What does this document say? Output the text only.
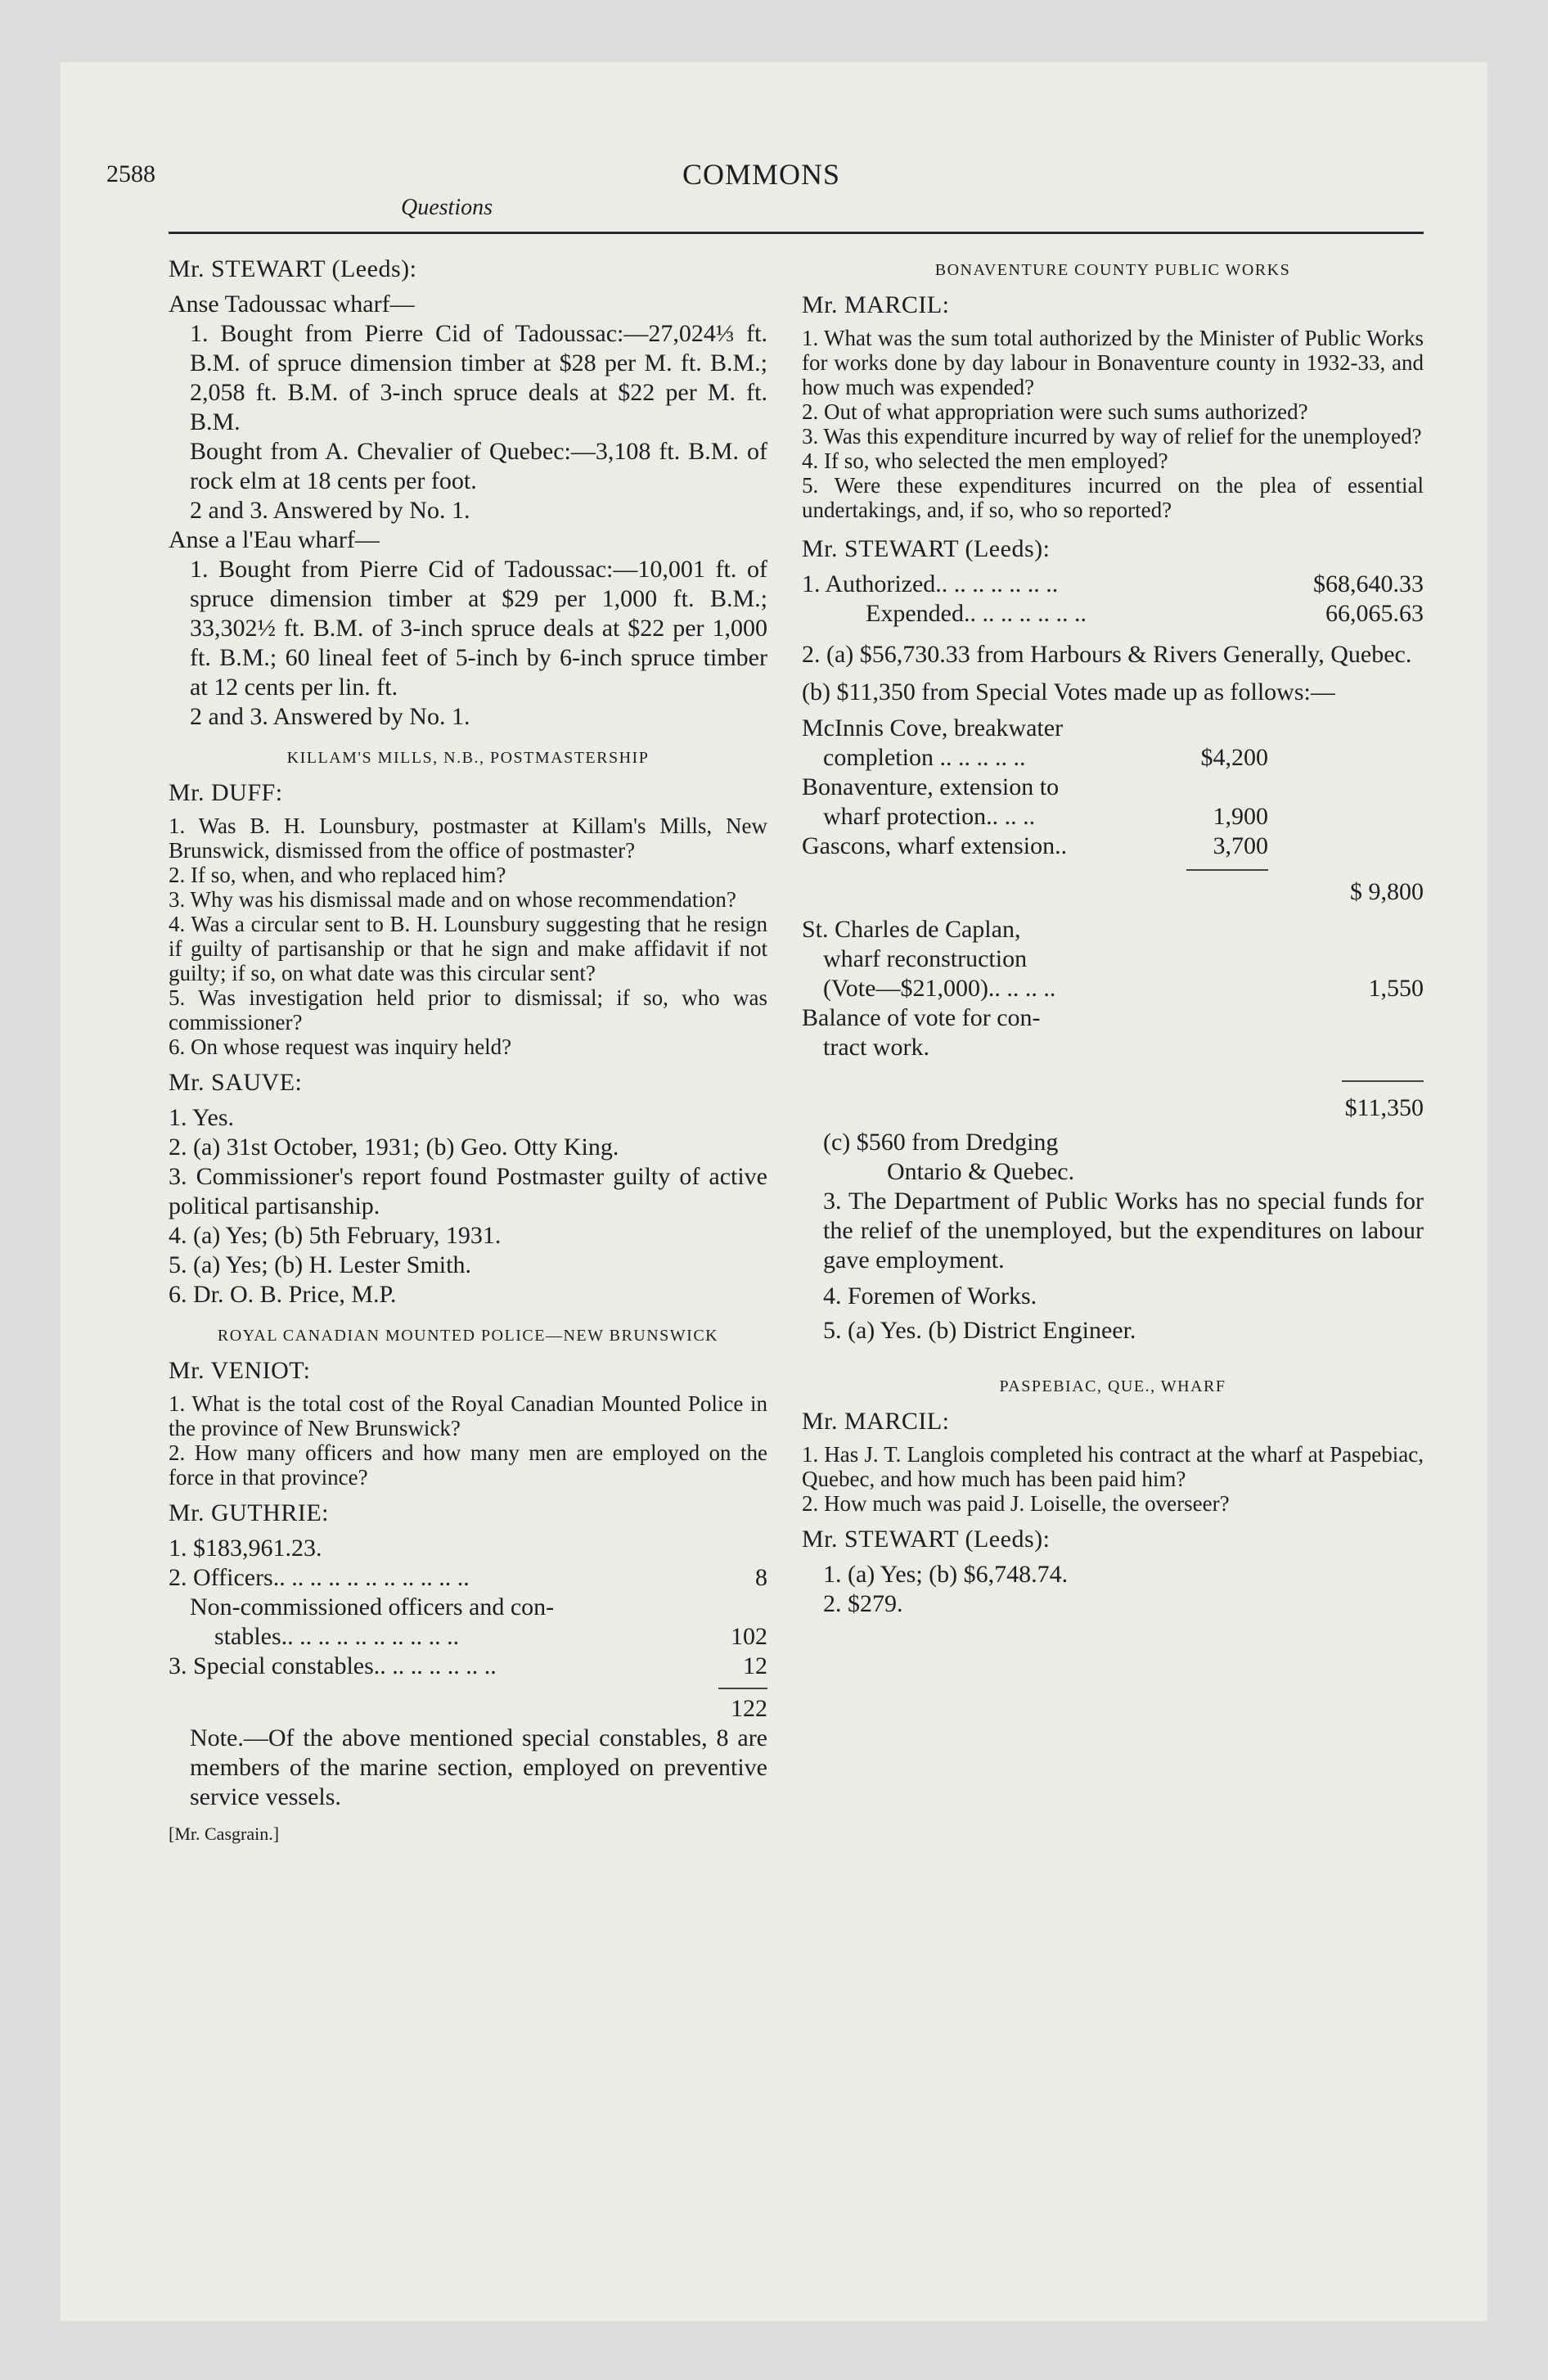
2588	COMMONS
Questions
Mr. STEWART (Leeds):

Anse Tadoussac wharf—

1. Bought from Pierre Cid of Tadoussac:—27,024⅓ ft. B.M. of spruce dimension timber at $28 per M. ft. B.M.; 2,058 ft. B.M. of 3-inch spruce deals at $22 per M. ft. B.M.

Bought from A. Chevalier of Quebec:—3,108 ft. B.M. of rock elm at 18 cents per foot.

2 and 3. Answered by No. 1.

Anse a l'Eau wharf—

1. Bought from Pierre Cid of Tadoussac:—10,001 ft. of spruce dimension timber at $29 per 1,000 ft. B.M.; 33,302½ ft. B.M. of 3-inch spruce deals at $22 per 1,000 ft. B.M.; 60 lineal feet of 5-inch by 6-inch spruce timber at 12 cents per lin. ft.

2 and 3. Answered by No. 1.

KILLAM'S MILLS, N.B., POSTMASTERSHIP
Mr. DUFF:

1. Was B. H. Lounsbury, postmaster at Killam's Mills, New Brunswick, dismissed from the office of postmaster?

2. If so, when, and who replaced him?

3. Why was his dismissal made and on whose recommendation?

4. Was a circular sent to B. H. Lounsbury suggesting that he resign if guilty of partisanship or that he sign and make affidavit if not guilty; if so, on what date was this circular sent?

5. Was investigation held prior to dismissal; if so, who was commissioner?

6. On whose request was inquiry held?

Mr. SAUVE:

1. Yes.

2. (a) 31st October, 1931; (b) Geo. Otty King.

3. Commissioner's report found Postmaster guilty of active political partisanship.

4. (a) Yes; (b) 5th February, 1931.

5. (a) Yes; (b) H. Lester Smith.

6. Dr. O. B. Price, M.P.

ROYAL CANADIAN MOUNTED POLICE—NEW BRUNSWICK
Mr. VENIOT:

1. What is the total cost of the Royal Canadian Mounted Police in the province of New Brunswick?

2. How many officers and how many men are employed on the force in that province?

Mr. GUTHRIE:

1. $183,961.23.

2. Officers.. .. .. .. .. .. .. .. .. .. ..	8
Non-commissioned officers and con-
stables.. .. .. .. .. .. .. .. .. ..	102
3. Special constables.. .. .. .. .. .. ..	12
122

Note.—Of the above mentioned special constables, 8 are members of the marine section, employed on preventive service vessels.

[Mr. Casgrain.]
BONAVENTURE COUNTY PUBLIC WORKS
Mr. MARCIL:

1. What was the sum total authorized by the Minister of Public Works for works done by day labour in Bonaventure county in 1932-33, and how much was expended?

2. Out of what appropriation were such sums authorized?

3. Was this expenditure incurred by way of relief for the unemployed?

4. If so, who selected the men employed?

5. Were these expenditures incurred on the plea of essential undertakings, and, if so, who so reported?

Mr. STEWART (Leeds):
1. Authorized.. .. .. .. .. .. ..	$68,640.33
Expended.. .. .. .. .. .. ..	66,065.63

2. (a) $56,730.33 from Harbours & Rivers Generally, Quebec.

(b) $11,350 from Special Votes made up as follows:—

McInnis Cove, breakwater
completion .. .. .. .. ..	$4,200
Bonaventure, extension to
wharf protection.. .. ..	1,900
Gascons, wharf extension..	3,700
$ 9,800
St. Charles de Caplan,
wharf reconstruction
(Vote—$21,000).. .. .. ..	1,550
Balance of vote for con-
tract work.
$11,350

(c) $560 from Dredging

Ontario & Quebec.

3. The Department of Public Works has no special funds for the relief of the unemployed, but the expenditures on labour gave employment.

4. Foremen of Works.

5. (a) Yes. (b) District Engineer.

PASPEBIAC, QUE., WHARF
Mr. MARCIL:

1. Has J. T. Langlois completed his contract at the wharf at Paspebiac, Quebec, and how much has been paid him?

2. How much was paid J. Loiselle, the overseer?

Mr. STEWART (Leeds):

1. (a) Yes; (b) $6,748.74.

2. $279.
